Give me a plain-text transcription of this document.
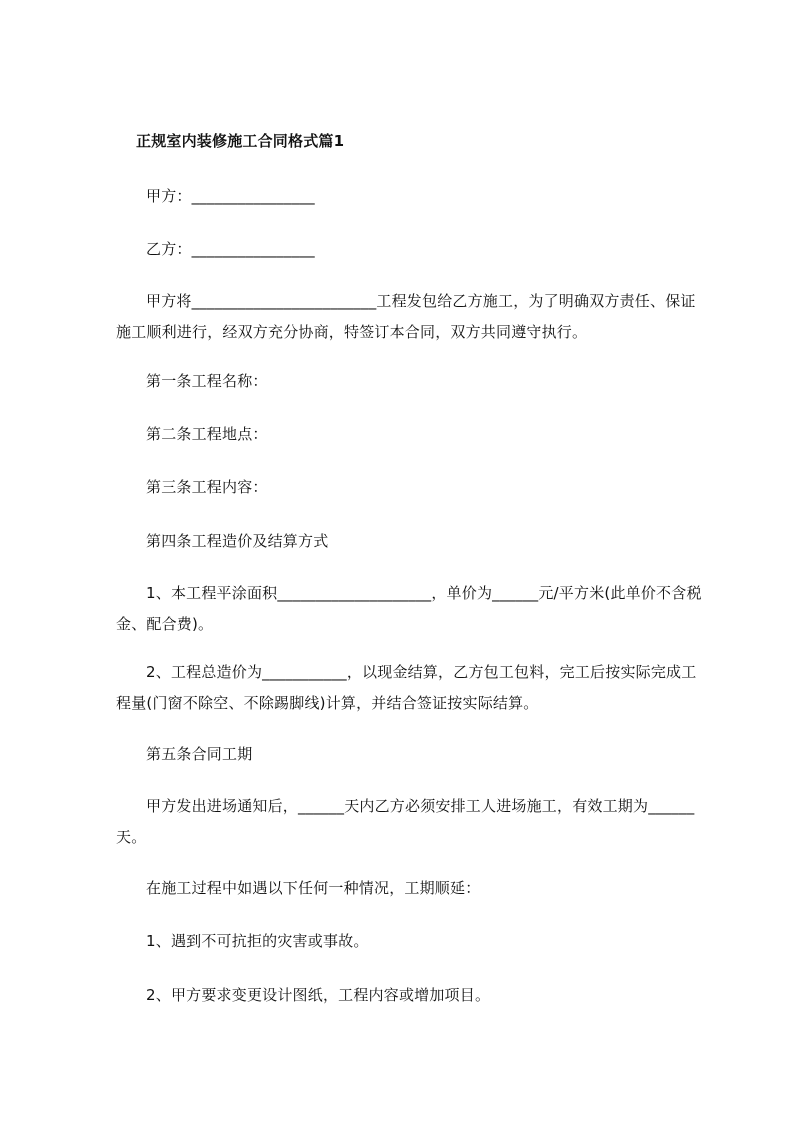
正规室内装修施工合同格式篇1
甲方：________________
乙方：________________
甲方将________________________工程发包给乙方施工，为了明确双方责任、保证施工顺利进行，经双方充分协商，特签订本合同，双方共同遵守执行。
第一条工程名称：
第二条工程地点：
第三条工程内容：
第四条工程造价及结算方式
1、本工程平涂面积____________________，单价为______元/平方米(此单价不含税金、配合费)。
2、工程总造价为___________，以现金结算，乙方包工包料，完工后按实际完成工程量(门窗不除空、不除踢脚线)计算，并结合签证按实际结算。
第五条合同工期
甲方发出进场通知后，______天内乙方必须安排工人进场施工，有效工期为______天。
在施工过程中如遇以下任何一种情况，工期顺延：
1、遇到不可抗拒的灾害或事故。
2、甲方要求变更设计图纸，工程内容或增加项目。
